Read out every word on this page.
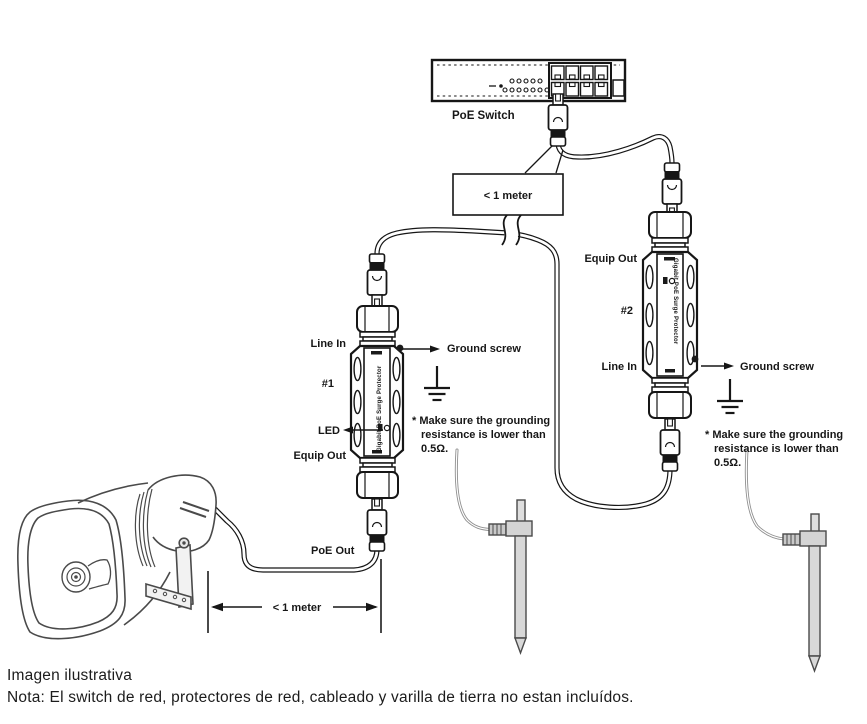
Gigabit PoE Surge Protector
Gigabit PoE Surge Protector
PoE Switch
< 1 meter
Equip Out
#2
Line In	Ground screw
Line In
#1
LED
Equip Out
Ground screw
PoE Out
* Make sure the grounding
resistance is lower than
0.5Ω.
* Make sure the grounding
resistance is lower than
0.5Ω.
< 1 meter
Imagen ilustrativa
Nota: El switch de red, protectores de red, cableado y varilla de tierra no estan incluídos.
